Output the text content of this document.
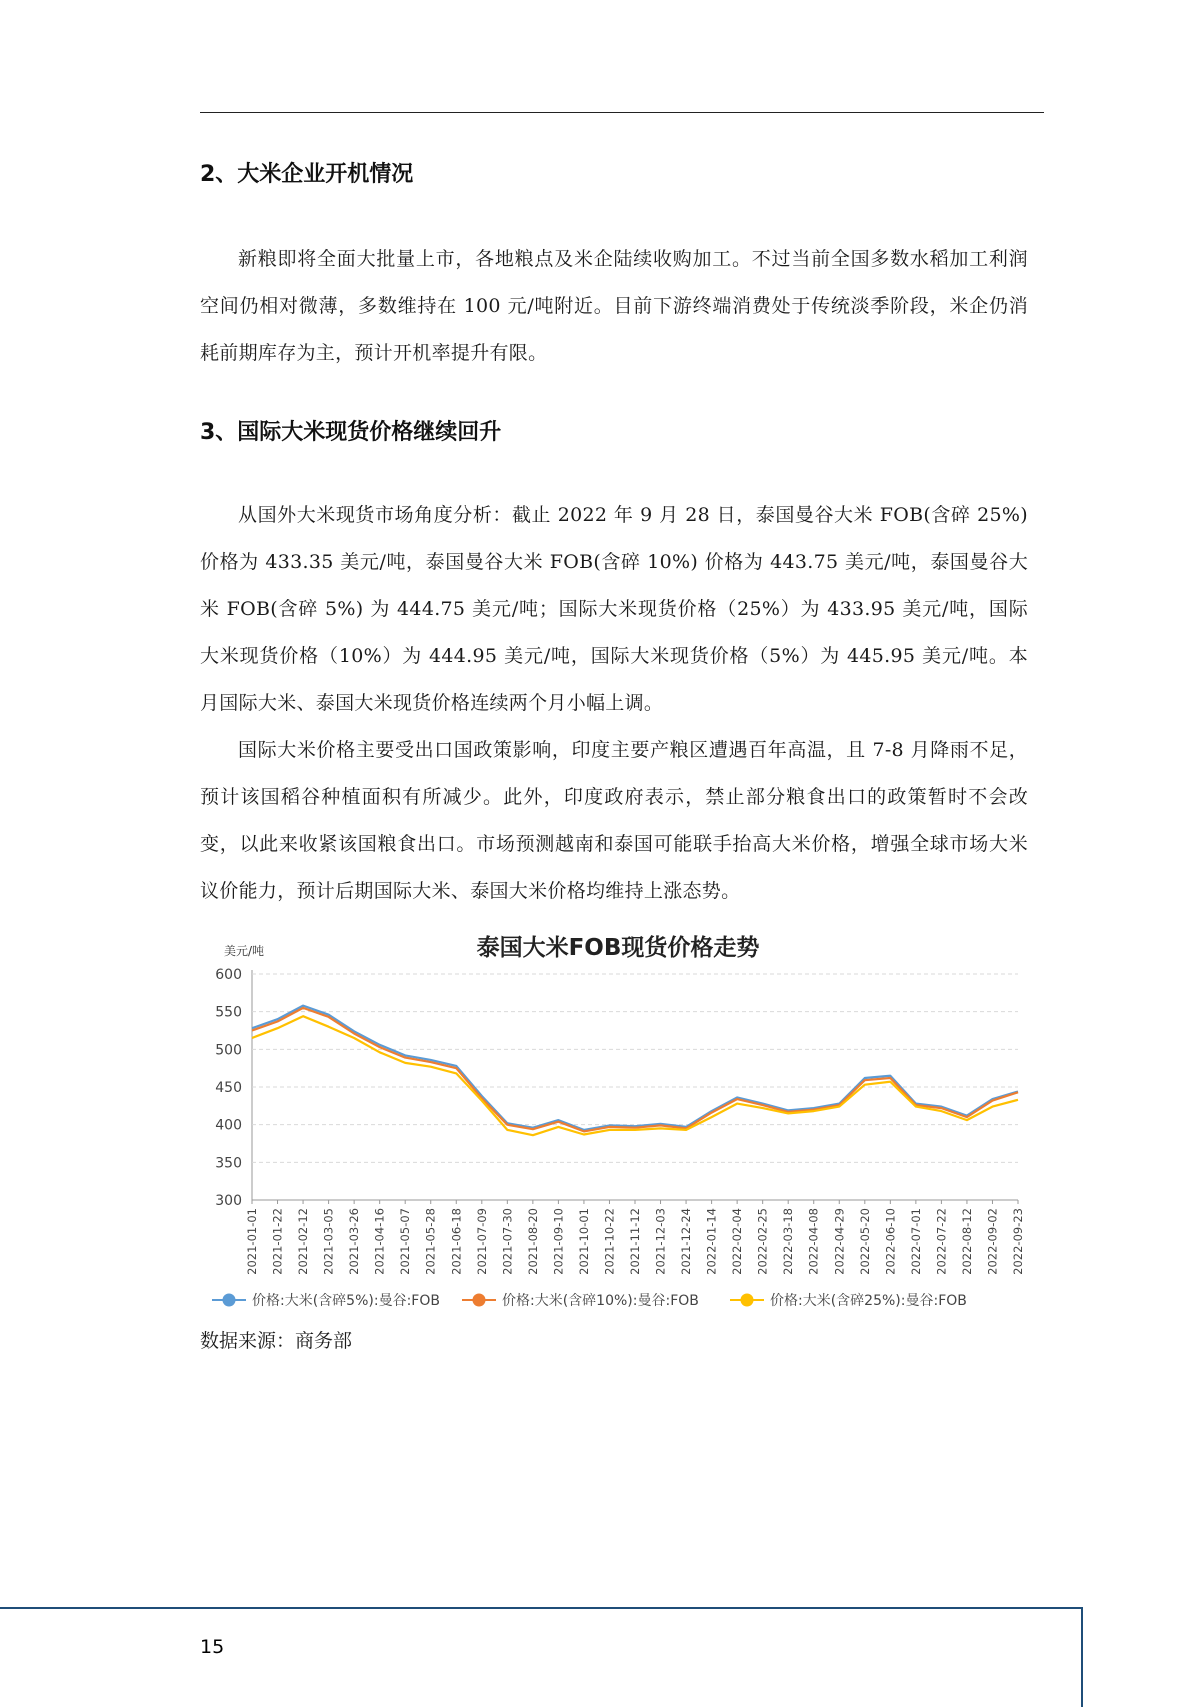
2、大米企业开机情况
新粮即将全面大批量上市，各地粮点及米企陆续收购加工。不过当前全国多数水稻加工利润空间仍相对微薄，多数维持在 100 元/吨附近。目前下游终端消费处于传统淡季阶段，米企仍消耗前期库存为主，预计开机率提升有限。
3、国际大米现货价格继续回升
从国外大米现货市场角度分析：截止 2022 年 9 月 28 日，泰国曼谷大米 FOB(含碎 25%) 价格为 433.35 美元/吨，泰国曼谷大米 FOB(含碎 10%) 价格为 443.75 美元/吨，泰国曼谷大米 FOB(含碎 5%) 为 444.75 美元/吨；国际大米现货价格（25%）为 433.95 美元/吨，国际大米现货价格（10%）为 444.95 美元/吨，国际大米现货价格（5%）为 445.95 美元/吨。本月国际大米、泰国大米现货价格连续两个月小幅上调。
国际大米价格主要受出口国政策影响，印度主要产粮区遭遇百年高温，且 7-8 月降雨不足，预计该国稻谷种植面积有所减少。此外，印度政府表示，禁止部分粮食出口的政策暂时不会改变，以此来收紧该国粮食出口。市场预测越南和泰国可能联手抬高大米价格，增强全球市场大米议价能力，预计后期国际大米、泰国大米价格均维持上涨态势。
泰国大米FOB现货价格走势
美元/吨
300
350
400
450
500
550
600
2021-01-01 2021-01-22 2021-02-12 2021-03-05 2021-03-26 2021-04-16 2021-05-07 2021-05-28 2021-06-18 2021-07-09 2021-07-30 2021-08-20 2021-09-10 2021-10-01 2021-10-22 2021-11-12 2021-12-03 2021-12-24 2022-01-14 2022-02-04 2022-02-25 2022-03-18 2022-04-08 2022-04-29 2022-05-20 2022-06-10 2022-07-01 2022-07-22 2022-08-12 2022-09-02 2022-09-23
价格:大米(含碎5%):曼谷:FOB	价格:大米(含碎10%):曼谷:FOB	价格:大米(含碎25%):曼谷:FOB
数据来源：商务部
15
